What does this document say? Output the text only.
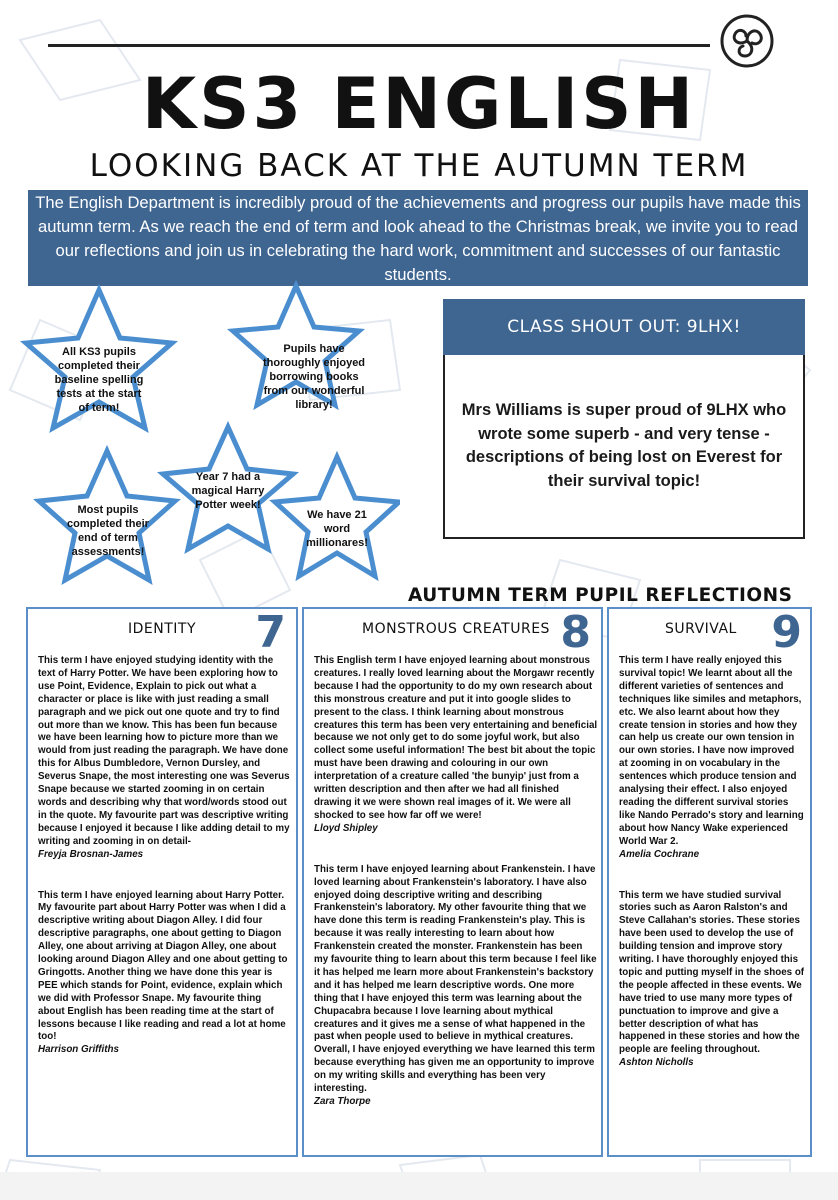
KS3 ENGLISH
LOOKING BACK AT THE AUTUMN TERM
The English Department is incredibly proud of the achievements and progress our pupils have made this autumn term. As we reach the end of term and look ahead to the Christmas break, we invite you to read our reflections and join us in celebrating the hard work, commitment and successes of our fantastic students.
All KS3 pupils completed their baseline spelling tests at the start of term!
Pupils have thoroughly enjoyed borrowing books from our wonderful library!
Year 7 had a magical Harry Potter week!
Most pupils completed their end of term assessments!
We have 21 word millionares!
CLASS SHOUT OUT: 9LHX!
Mrs Williams is super proud of 9LHX who wrote some superb - and very tense - descriptions of being lost on Everest for their survival topic!
AUTUMN TERM PUPIL REFLECTIONS
IDENTITY	7

This term I have enjoyed studying identity with the text of Harry Potter. We have been exploring how to use Point, Evidence, Explain to pick out what a character or place is like with just reading a small paragraph and we pick out one quote and try to find out more than we know. This has been fun because we have been learning how to picture more than we would from just reading the paragraph. We have done this for Albus Dumbledore, Vernon Dursley, and Severus Snape, the most interesting one was Severus Snape because we started zooming in on certain words and describing why that word/words stood out in the quote. My favourite part was descriptive writing because I enjoyed it because I like adding detail to my writing and zooming in on detail-

Freyja Brosnan-James

This term I have enjoyed learning about Harry Potter. My favourite part about Harry Potter was when I did a descriptive writing about Diagon Alley. I did four descriptive paragraphs, one about getting to Diagon Alley, one about arriving at Diagon Alley, one about looking around Diagon Alley and one about getting to Gringotts. Another thing we have done this year is PEE which stands for Point, evidence, explain which we did with Professor Snape. My favourite thing about English has been reading time at the start of lessons because I like reading and read a lot at home too!

Harrison Griffiths

MONSTROUS CREATURES 8

This English term I have enjoyed learning about monstrous creatures. I really loved learning about the Morgawr recently because I had the opportunity to do my own research about this monstrous creature and put it into google slides to present to the class. I think learning about monstrous creatures this term has been very entertaining and beneficial because we not only get to do some joyful work, but also collect some useful information! The best bit about the topic must have been drawing and colouring in our own interpretation of a creature called 'the bunyip' just from a written description and then after we had all finished drawing it we were shown real images of it. We were all shocked to see how far off we were!

Lloyd Shipley

This term I have enjoyed learning about Frankenstein. I have loved learning about Frankenstein's laboratory. I have also enjoyed doing descriptive writing and describing Frankenstein's laboratory. My other favourite thing that we have done this term is reading Frankenstein's play. This is because it was really interesting to learn about how Frankenstein created the monster. Frankenstein has been my favourite thing to learn about this term because I feel like it has helped me learn more about Frankenstein's backstory and it has helped me learn descriptive words. One more thing that I have enjoyed this term was learning about the Chupacabra because I love learning about mythical creatures and it gives me a sense of what happened in the past when people used to believe in mythical creatures. Overall, I have enjoyed everything we have learned this term because everything has given me an opportunity to improve on my writing skills and everything has been very interesting.

Zara Thorpe

SURVIVAL 9

This term I have really enjoyed this survival topic! We learnt about all the different varieties of sentences and techniques like similes and metaphors, etc. We also learnt about how they create tension in stories and how they can help us create our own tension in our own stories. I have now improved at zooming in on vocabulary in the sentences which produce tension and analysing their effect. I also enjoyed reading the different survival stories like Nando Perrado's story and learning about how Nancy Wake experienced World War 2.

Amelia Cochrane

This term we have studied survival stories such as Aaron Ralston's and Steve Callahan's stories. These stories have been used to develop the use of building tension and improve story writing. I have thoroughly enjoyed this topic and putting myself in the shoes of the people affected in these events. We have tried to use many more types of punctuation to improve and give a better description of what has happened in these stories and how the people are feeling throughout.

Ashton Nicholls
